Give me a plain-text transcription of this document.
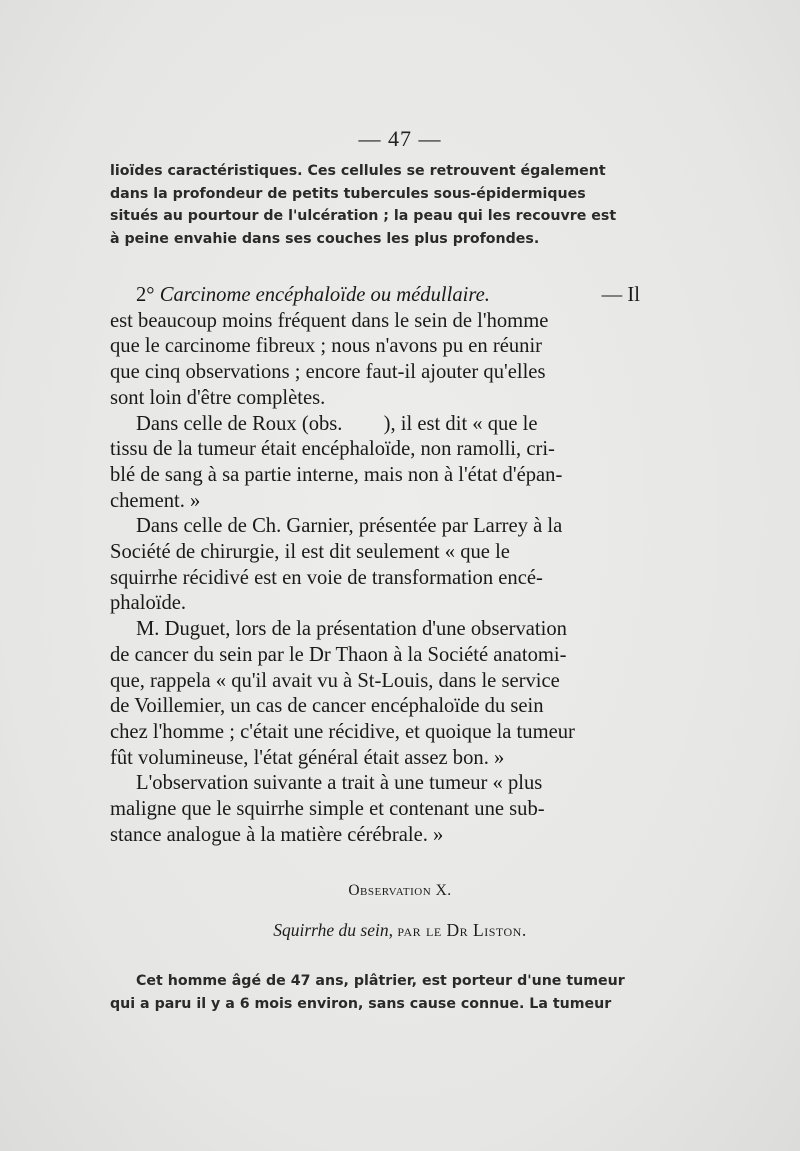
— 47 —

lioïdes caractéristiques. Ces cellules se retrouvent également

dans la profondeur de petits tubercules sous-épidermiques

situés au pourtour de l'ulcération ; la peau qui les recouvre est

à peine envahie dans ses couches les plus profondes.

2° Carcinome encéphaloïde ou médullaire.	— Il

est beaucoup moins fréquent dans le sein de l'homme

que le carcinome fibreux ; nous n'avons pu en réunir

que cinq observations ; encore faut-il ajouter qu'elles

sont loin d'être complètes.

Dans celle de Roux (obs.        ), il est dit « que le

tissu de la tumeur était encéphaloïde, non ramolli, cri-

blé de sang à sa partie interne, mais non à l'état d'épan-

chement. »

Dans celle de Ch. Garnier, présentée par Larrey à la

Société de chirurgie, il est dit seulement « que le

squirrhe récidivé est en voie de transformation encé-

phaloïde.

M. Duguet, lors de la présentation d'une observation

de cancer du sein par le Dr Thaon à la Société anatomi-

que, rappela « qu'il avait vu à St-Louis, dans le service

de Voillemier, un cas de cancer encéphaloïde du sein

chez l'homme ; c'était une récidive, et quoique la tumeur

fût volumineuse, l'état général était assez bon. »

L'observation suivante a trait à une tumeur « plus

maligne que le squirrhe simple et contenant une sub-

stance analogue à la matière cérébrale. »

Observation X.
Squirrhe du sein, par le Dr Liston.

Cet homme âgé de 47 ans, plâtrier, est porteur d'une tumeur

qui a paru il y a 6 mois environ, sans cause connue. La tumeur
